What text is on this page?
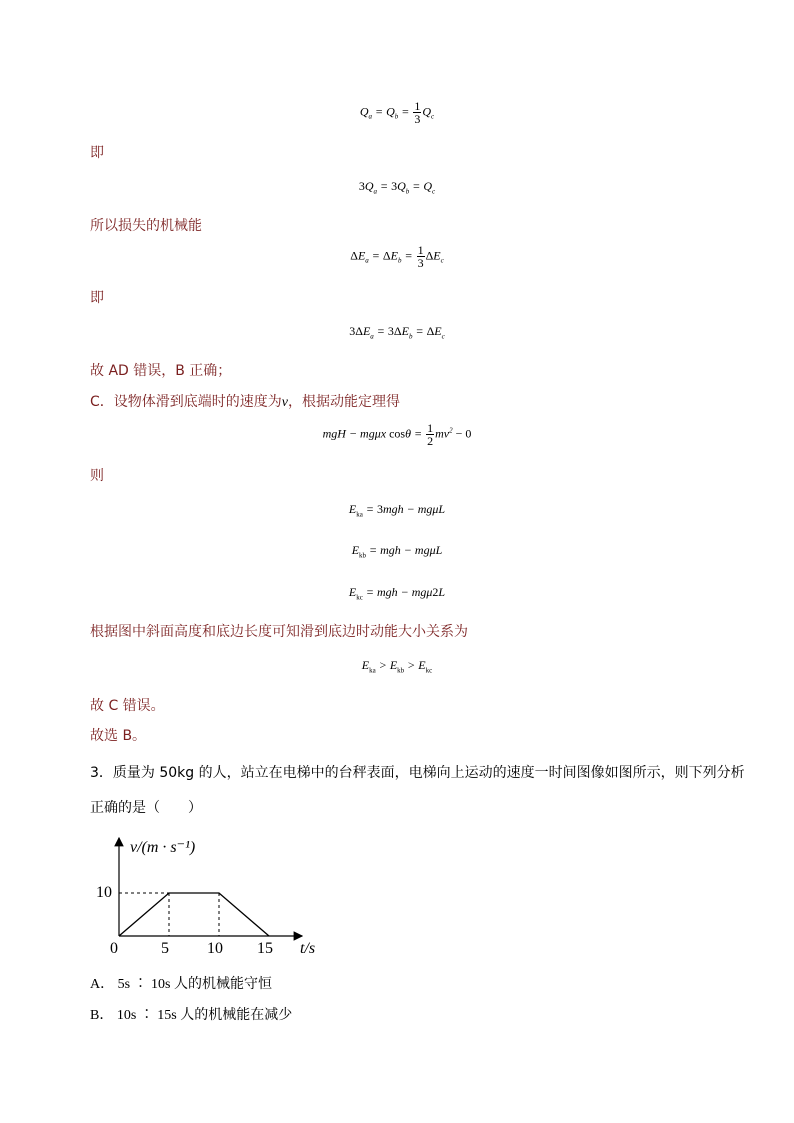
$Q_a = Q_b = \frac{1}{3} Q_c$
即
$3Q_a = 3Q_b = Q_c$
所以损失的机械能
$\Delta E_a = \Delta E_b = \frac{1}{3} \Delta E_c$
即
$3\Delta E_a = 3\Delta E_b = \Delta E_c$
故 AD 错误，B 正确；
C．设物体滑到底端时的速度为v，根据动能定理得
mgH − mgμx $\cos\theta = \frac{1}{2} mv^2 - 0$
则
$E_{ka} = 3mgh - mg\mu L$
$E_{kb}$ = mgh − mgμL
$E_{kc}$ = mgh − mgμ2L
根据图中斜面高度和底边长度可知滑到底边时动能大小关系为
$E_{ka} > E_{kb} > E_{kc}$
故 C 错误。
故选 B。
3．质量为 50kg 的人，站立在电梯中的台秤表面，电梯向上运动的速度一时间图像如图所示，则下列分析
正确的是（　　）
v/(m · s⁻¹)
t/s
0	5 10 15
10
A． 5s ∶ 10s 人的机械能守恒
B． 10s ∶ 15s 人的机械能在减少
